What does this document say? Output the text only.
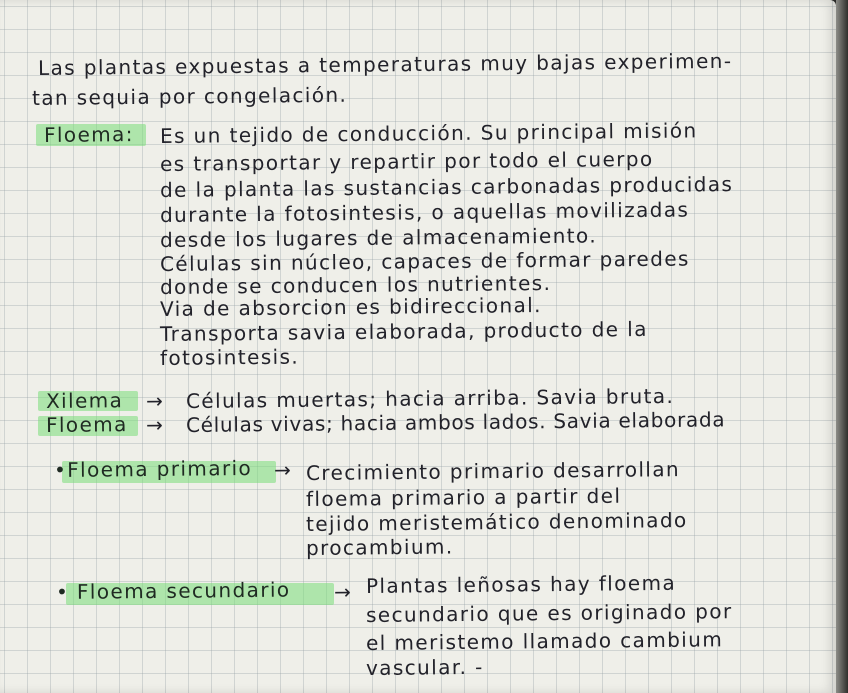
Las plantas expuestas a temperaturas muy bajas experimen-
tan sequia por congelación.
Floema: Es un tejido de conducción. Su principal misión
es transportar y repartir por todo el cuerpo
de la planta las sustancias carbonadas producidas
durante la fotosintesis, o aquellas movilizadas
desde los lugares de almacenamiento.
Células sin núcleo, capaces de formar paredes
donde se conducen los nutrientes.
Via de absorcion es bidireccional.
Transporta savia elaborada, producto de la
fotosintesis.
Xilema → Células muertas; hacia arriba. Savia bruta.
Floema → Células vivas; hacia ambos lados. Savia elaborada
•Floema primario → Crecimiento primario desarrollan
floema primario a partir del
tejido meristemático denominado
procambium.
• Floema secundario → Plantas leñosas hay floema
secundario que es originado por
el meristemo llamado cambium
vascular. -
